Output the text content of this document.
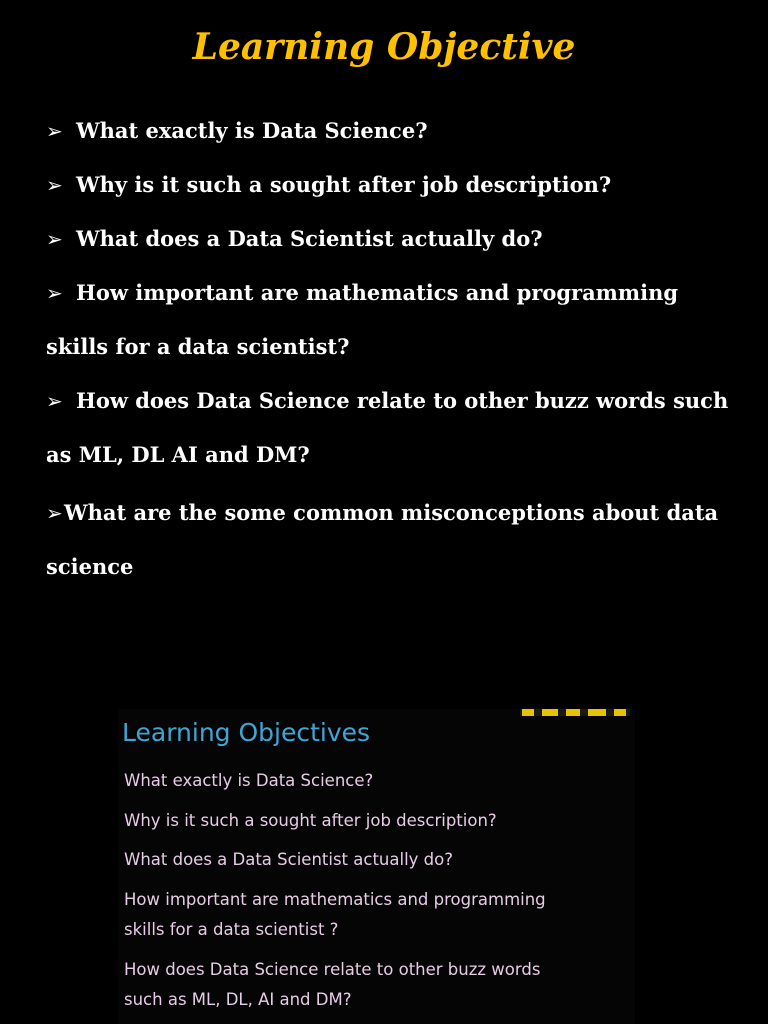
Learning Objective

➢ What exactly is Data Science?

➢ Why is it such a sought after job description?

➢ What does a Data Scientist actually do?

➢ How important are mathematics and programming
skills for a data scientist?

➢ How does Data Science relate to other buzz words such
as ML, DL AI and DM?

➢What are the some common misconceptions about data
science

Learning Objectives

What exactly is Data Science?

Why is it such a sought after job description?

What does a Data Scientist actually do?

How important are mathematics and programming

skills for a data scientist ?

How does Data Science relate to other buzz words

such as ML, DL, AI and DM?
